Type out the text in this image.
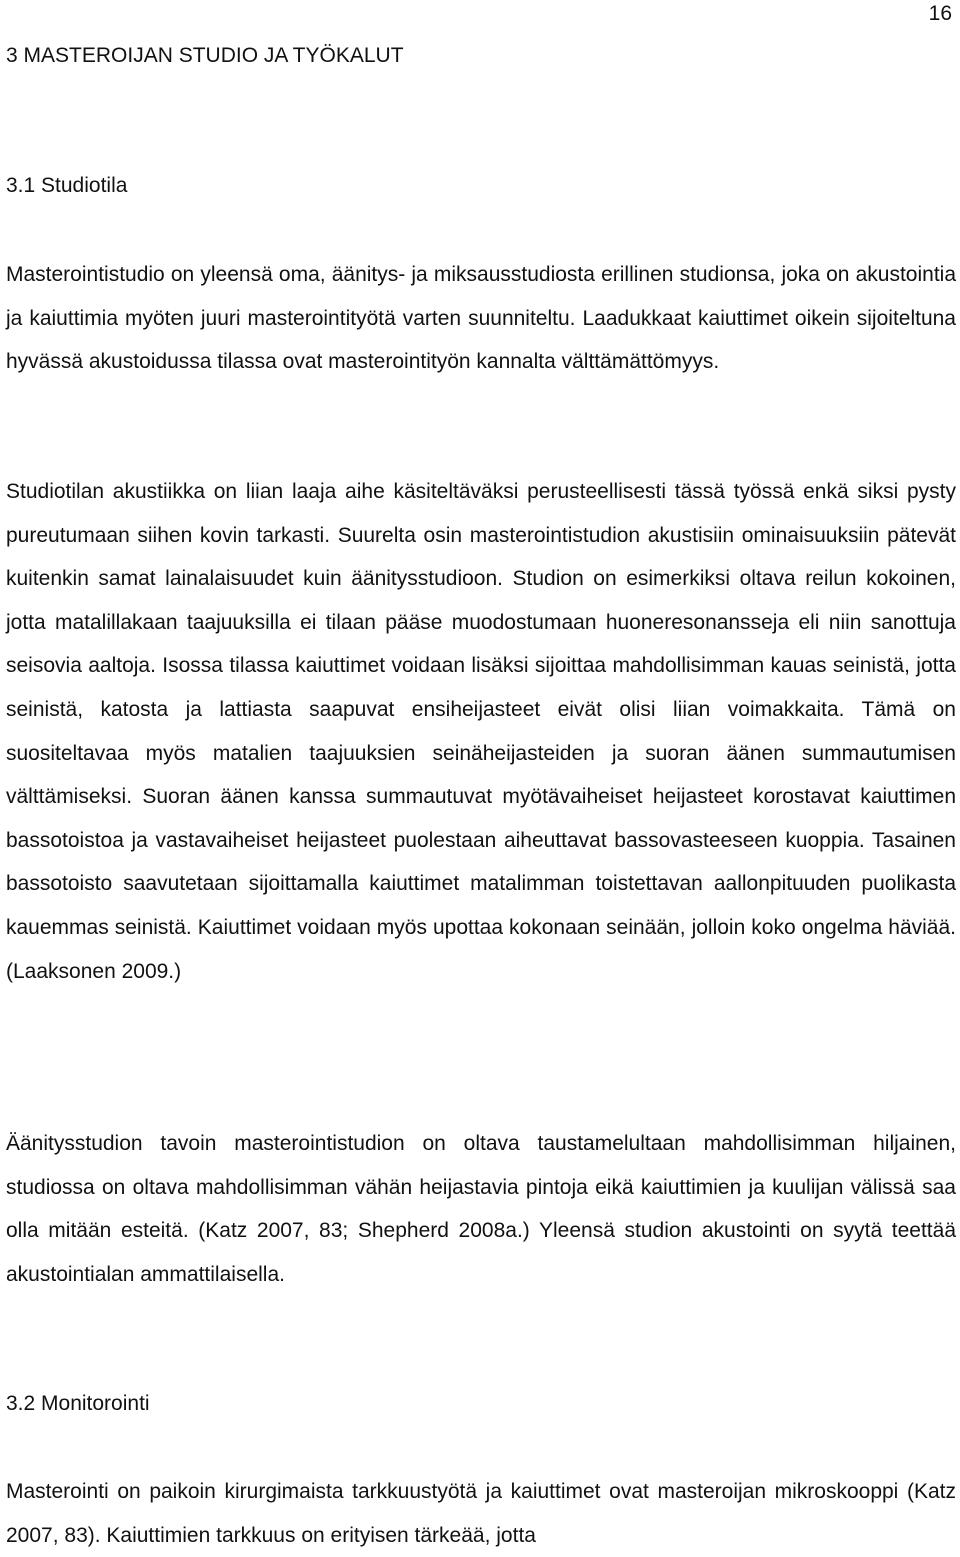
16
3 MASTEROIJAN STUDIO JA TYÖKALUT
3.1 Studiotila

Masterointistudio on yleensä oma, äänitys- ja miksausstudiosta erillinen studionsa, joka on akustointia ja kaiuttimia myöten juuri masterointityötä varten suunniteltu. Laadukkaat kaiuttimet oikein sijoiteltuna hyvässä akustoidussa tilassa ovat masterointityön kannalta välttämättömyys.

Studiotilan akustiikka on liian laaja aihe käsiteltäväksi perusteellisesti tässä työssä enkä siksi pysty pureutumaan siihen kovin tarkasti. Suurelta osin masterointistudion akustisiin ominaisuuksiin pätevät kuitenkin samat lainalaisuudet kuin äänitysstudioon. Studion on esimerkiksi oltava reilun kokoinen, jotta matalillakaan taajuuksilla ei tilaan pääse muodostumaan huoneresonansseja eli niin sanottuja seisovia aaltoja. Isossa tilassa kaiuttimet voidaan lisäksi sijoittaa mahdollisimman kauas seinistä, jotta seinistä, katosta ja lattiasta saapuvat ensiheijasteet eivät olisi liian voimakkaita. Tämä on suositeltavaa myös matalien taajuuksien seinäheijasteiden ja suoran äänen summautumisen välttämiseksi. Suoran äänen kanssa summautuvat myötävaiheiset heijasteet korostavat kaiuttimen bassotoistoa ja vastavaiheiset heijasteet puolestaan aiheuttavat bassovasteeseen kuoppia. Tasainen bassotoisto saavutetaan sijoittamalla kaiuttimet matalimman toistettavan aallonpituuden puolikasta kauemmas seinistä. Kaiuttimet voidaan myös upottaa kokonaan seinään, jolloin koko ongelma häviää. (Laaksonen 2009.)

Äänitysstudion tavoin masterointistudion on oltava taustamelultaan mahdollisimman hiljainen, studiossa on oltava mahdollisimman vähän heijastavia pintoja eikä kaiuttimien ja kuulijan välissä saa olla mitään esteitä. (Katz 2007, 83; Shepherd 2008a.) Yleensä studion akustointi on syytä teettää akustointialan ammattilaisella.

3.2 Monitorointi

Masterointi on paikoin kirurgimaista tarkkuustyötä ja kaiuttimet ovat masteroijan mikroskooppi (Katz 2007, 83). Kaiuttimien tarkkuus on erityisen tärkeää, jotta
